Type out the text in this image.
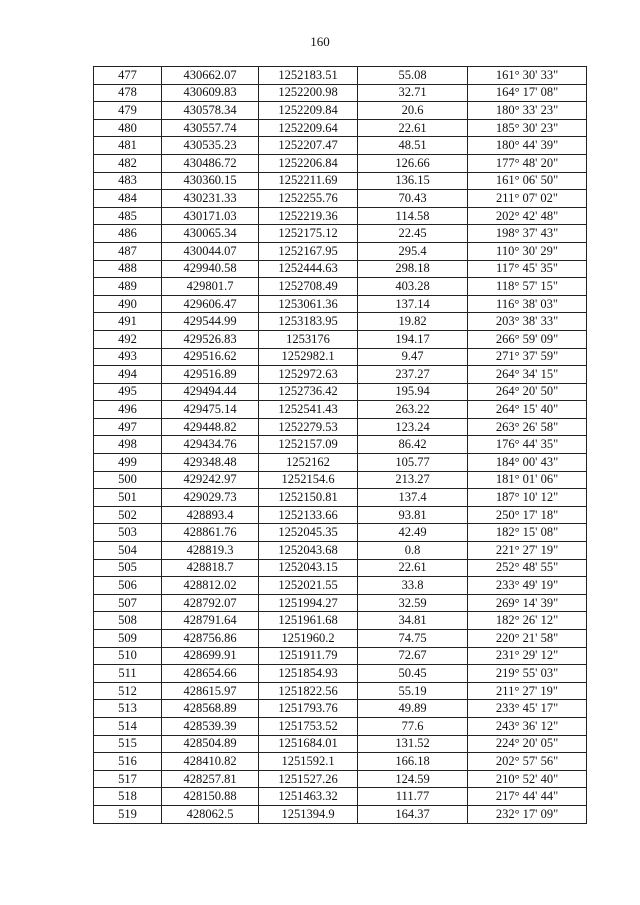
160
477	430662.07	1252183.51	55.08	161° 30' 33"
478	430609.83	1252200.98	32.71	164° 17' 08"
479	430578.34	1252209.84	20.6	180° 33' 23"
480	430557.74	1252209.64	22.61	185° 30' 23"
481	430535.23	1252207.47	48.51	180° 44' 39"
482	430486.72	1252206.84	126.66	177° 48' 20"
483	430360.15	1252211.69	136.15	161° 06' 50"
484	430231.33	1252255.76	70.43	211° 07' 02"
485	430171.03	1252219.36	114.58	202° 42' 48"
486	430065.34	1252175.12	22.45	198° 37' 43"
487	430044.07	1252167.95	295.4	110° 30' 29"
488	429940.58	1252444.63	298.18	117° 45' 35"
489	429801.7	1252708.49	403.28	118° 57' 15"
490	429606.47	1253061.36	137.14	116° 38' 03"
491	429544.99	1253183.95	19.82	203° 38' 33"
492	429526.83	1253176	194.17	266° 59' 09"
493	429516.62	1252982.1	9.47	271° 37' 59"
494	429516.89	1252972.63	237.27	264° 34' 15"
495	429494.44	1252736.42	195.94	264° 20' 50"
496	429475.14	1252541.43	263.22	264° 15' 40"
497	429448.82	1252279.53	123.24	263° 26' 58"
498	429434.76	1252157.09	86.42	176° 44' 35"
499	429348.48	1252162	105.77	184° 00' 43"
500	429242.97	1252154.6	213.27	181° 01' 06"
501	429029.73	1252150.81	137.4	187° 10' 12"
502	428893.4	1252133.66	93.81	250° 17' 18"
503	428861.76	1252045.35	42.49	182° 15' 08"
504	428819.3	1252043.68	0.8	221° 27' 19"
505	428818.7	1252043.15	22.61	252° 48' 55"
506	428812.02	1252021.55	33.8	233° 49' 19"
507	428792.07	1251994.27	32.59	269° 14' 39"
508	428791.64	1251961.68	34.81	182° 26' 12"
509	428756.86	1251960.2	74.75	220° 21' 58"
510	428699.91	1251911.79	72.67	231° 29' 12"
511	428654.66	1251854.93	50.45	219° 55' 03"
512	428615.97	1251822.56	55.19	211° 27' 19"
513	428568.89	1251793.76	49.89	233° 45' 17"
514	428539.39	1251753.52	77.6	243° 36' 12"
515	428504.89	1251684.01	131.52	224° 20' 05"
516	428410.82	1251592.1	166.18	202° 57' 56"
517	428257.81	1251527.26	124.59	210° 52' 40"
518	428150.88	1251463.32	111.77	217° 44' 44"
519	428062.5	1251394.9	164.37	232° 17' 09"
